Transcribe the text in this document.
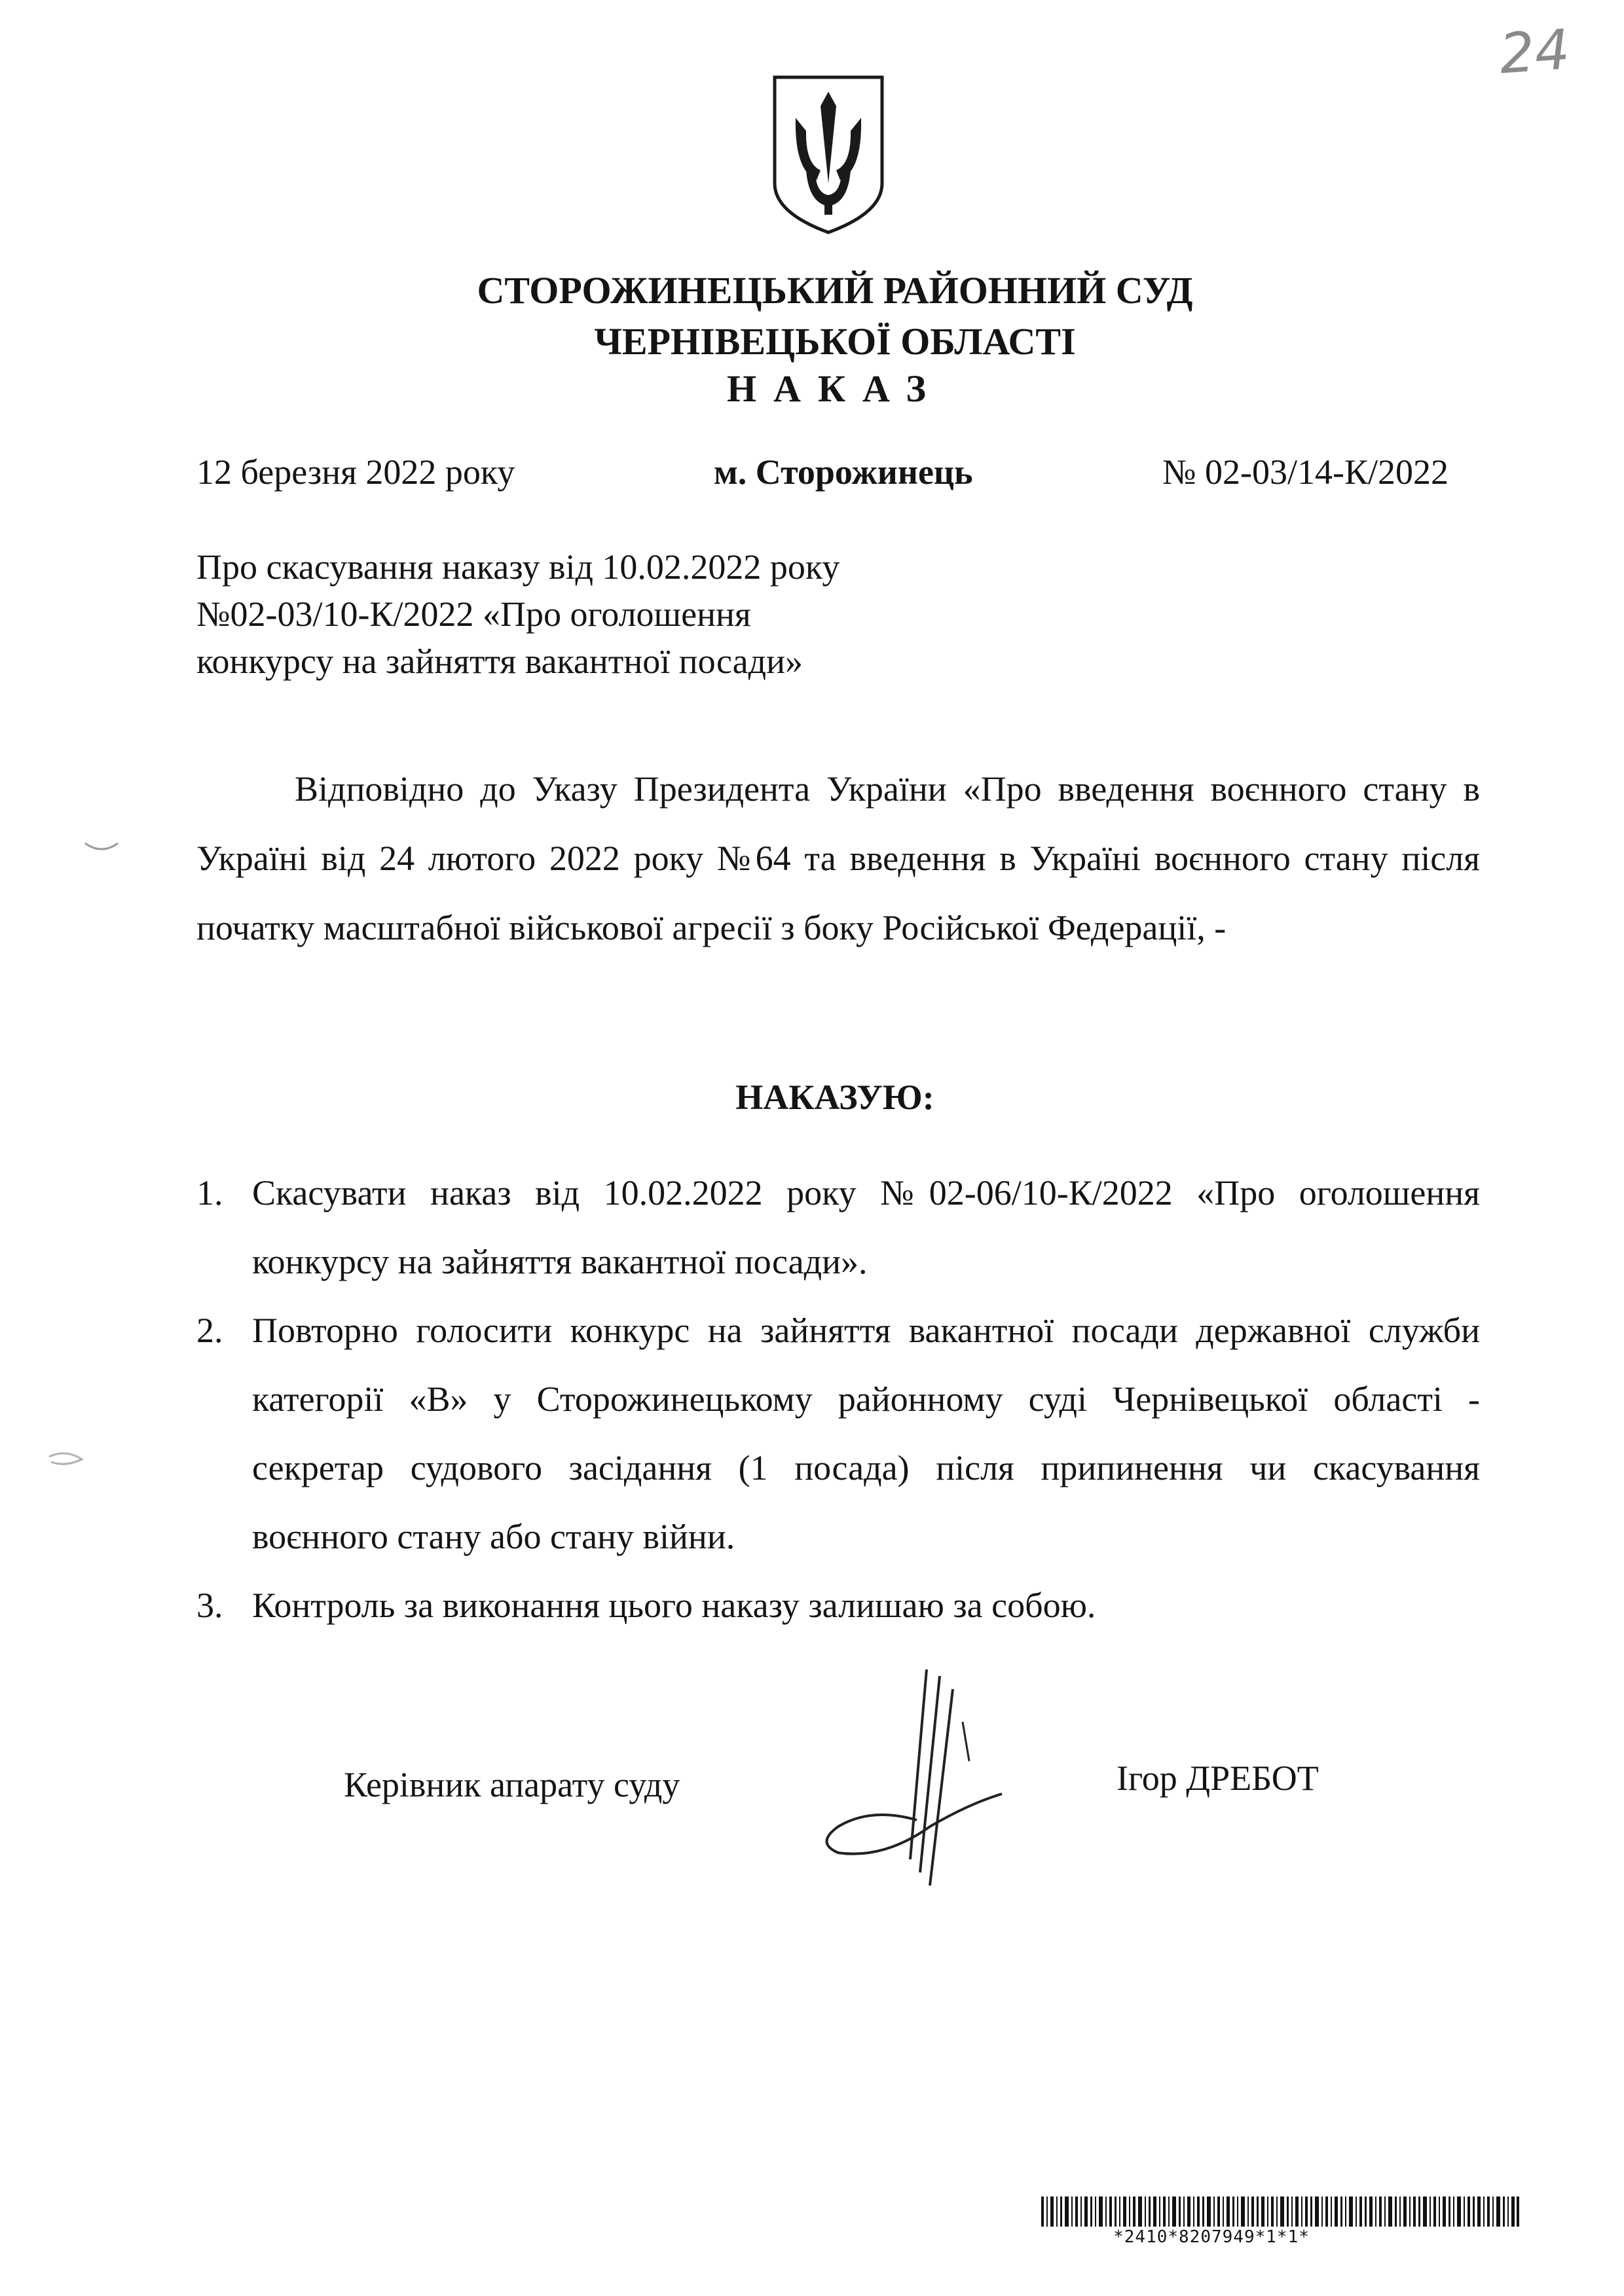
24
СТОРОЖИНЕЦЬКИЙ РАЙОННИЙ СУД
ЧЕРНІВЕЦЬКОЇ ОБЛАСТІ
НАКАЗ
12 березня 2022 року	м. Сторожинець	№ 02-03/14-К/2022
Про скасування наказу від 10.02.2022 року
№02-03/10-К/2022 «Про оголошення
конкурсу на зайняття вакантної посади»

Відповідно до Указу Президента України «Про введення воєнного стану в Україні від 24 лютого 2022 року №64 та введення в Україні воєнного стану після початку масштабної військової агресії з боку Російської Федерації, -

НАКАЗУЮ:
1. Скасувати наказ від 10.02.2022 року №02-06/10-К/2022 «Про оголошення конкурсу на зайняття вакантної посади».
2. Повторно голосити конкурс на зайняття вакантної посади державної служби категорії «В» у Сторожинецькому районному суді Чернівецької області - секретар судового засідання (1 посада) після припинення чи скасування воєнного стану або стану війни.
3. Контроль за виконання цього наказу залишаю за собою.
Керівник апарату суду	Ігор ДРЕБОТ
*2410*8207949*1*1*
